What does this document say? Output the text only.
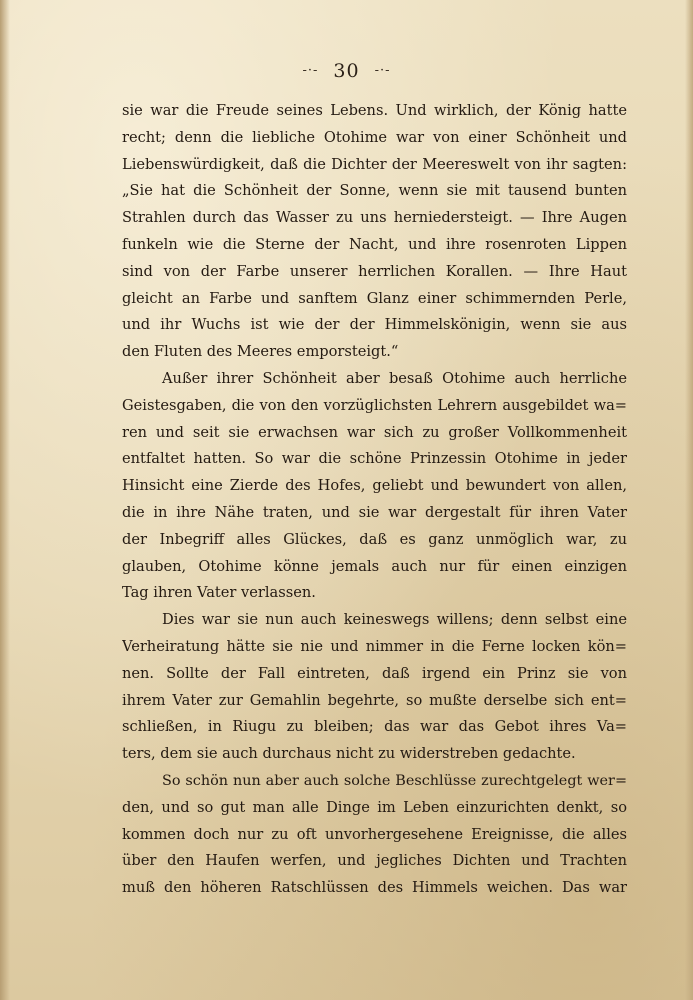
-·- 30 -·-
sie war die Freude seines Lebens. Und wirklich, der König hatte
recht; denn die liebliche Otohime war von einer Schönheit und
Liebenswürdigkeit, daß die Dichter der Meereswelt von ihr sagten:
„Sie hat die Schönheit der Sonne, wenn sie mit tausend bunten
Strahlen durch das Wasser zu uns herniedersteigt. — Ihre Augen
funkeln wie die Sterne der Nacht, und ihre rosenroten Lippen
sind von der Farbe unserer herrlichen Korallen. — Ihre Haut
gleicht an Farbe und sanftem Glanz einer schimmernden Perle,
und ihr Wuchs ist wie der der Himmelskönigin, wenn sie aus
den Fluten des Meeres emporsteigt.“
Außer ihrer Schönheit aber besaß Otohime auch herrliche
Geistesgaben, die von den vorzüglichsten Lehrern ausgebildet wa=
ren und seit sie erwachsen war sich zu großer Vollkommenheit
entfaltet hatten. So war die schöne Prinzessin Otohime in jeder
Hinsicht eine Zierde des Hofes, geliebt und bewundert von allen,
die in ihre Nähe traten, und sie war dergestalt für ihren Vater
der Inbegriff alles Glückes, daß es ganz unmöglich war, zu
glauben, Otohime könne jemals auch nur für einen einzigen
Tag ihren Vater verlassen.
Dies war sie nun auch keineswegs willens; denn selbst eine
Verheiratung hätte sie nie und nimmer in die Ferne locken kön=
nen. Sollte der Fall eintreten, daß irgend ein Prinz sie von
ihrem Vater zur Gemahlin begehrte, so mußte derselbe sich ent=
schließen, in Riugu zu bleiben; das war das Gebot ihres Va=
ters, dem sie auch durchaus nicht zu widerstreben gedachte.
So schön nun aber auch solche Beschlüsse zurechtgelegt wer=
den, und so gut man alle Dinge im Leben einzurichten denkt, so
kommen doch nur zu oft unvorhergesehene Ereignisse, die alles
über den Haufen werfen, und jegliches Dichten und Trachten
muß den höheren Ratschlüssen des Himmels weichen. Das war
